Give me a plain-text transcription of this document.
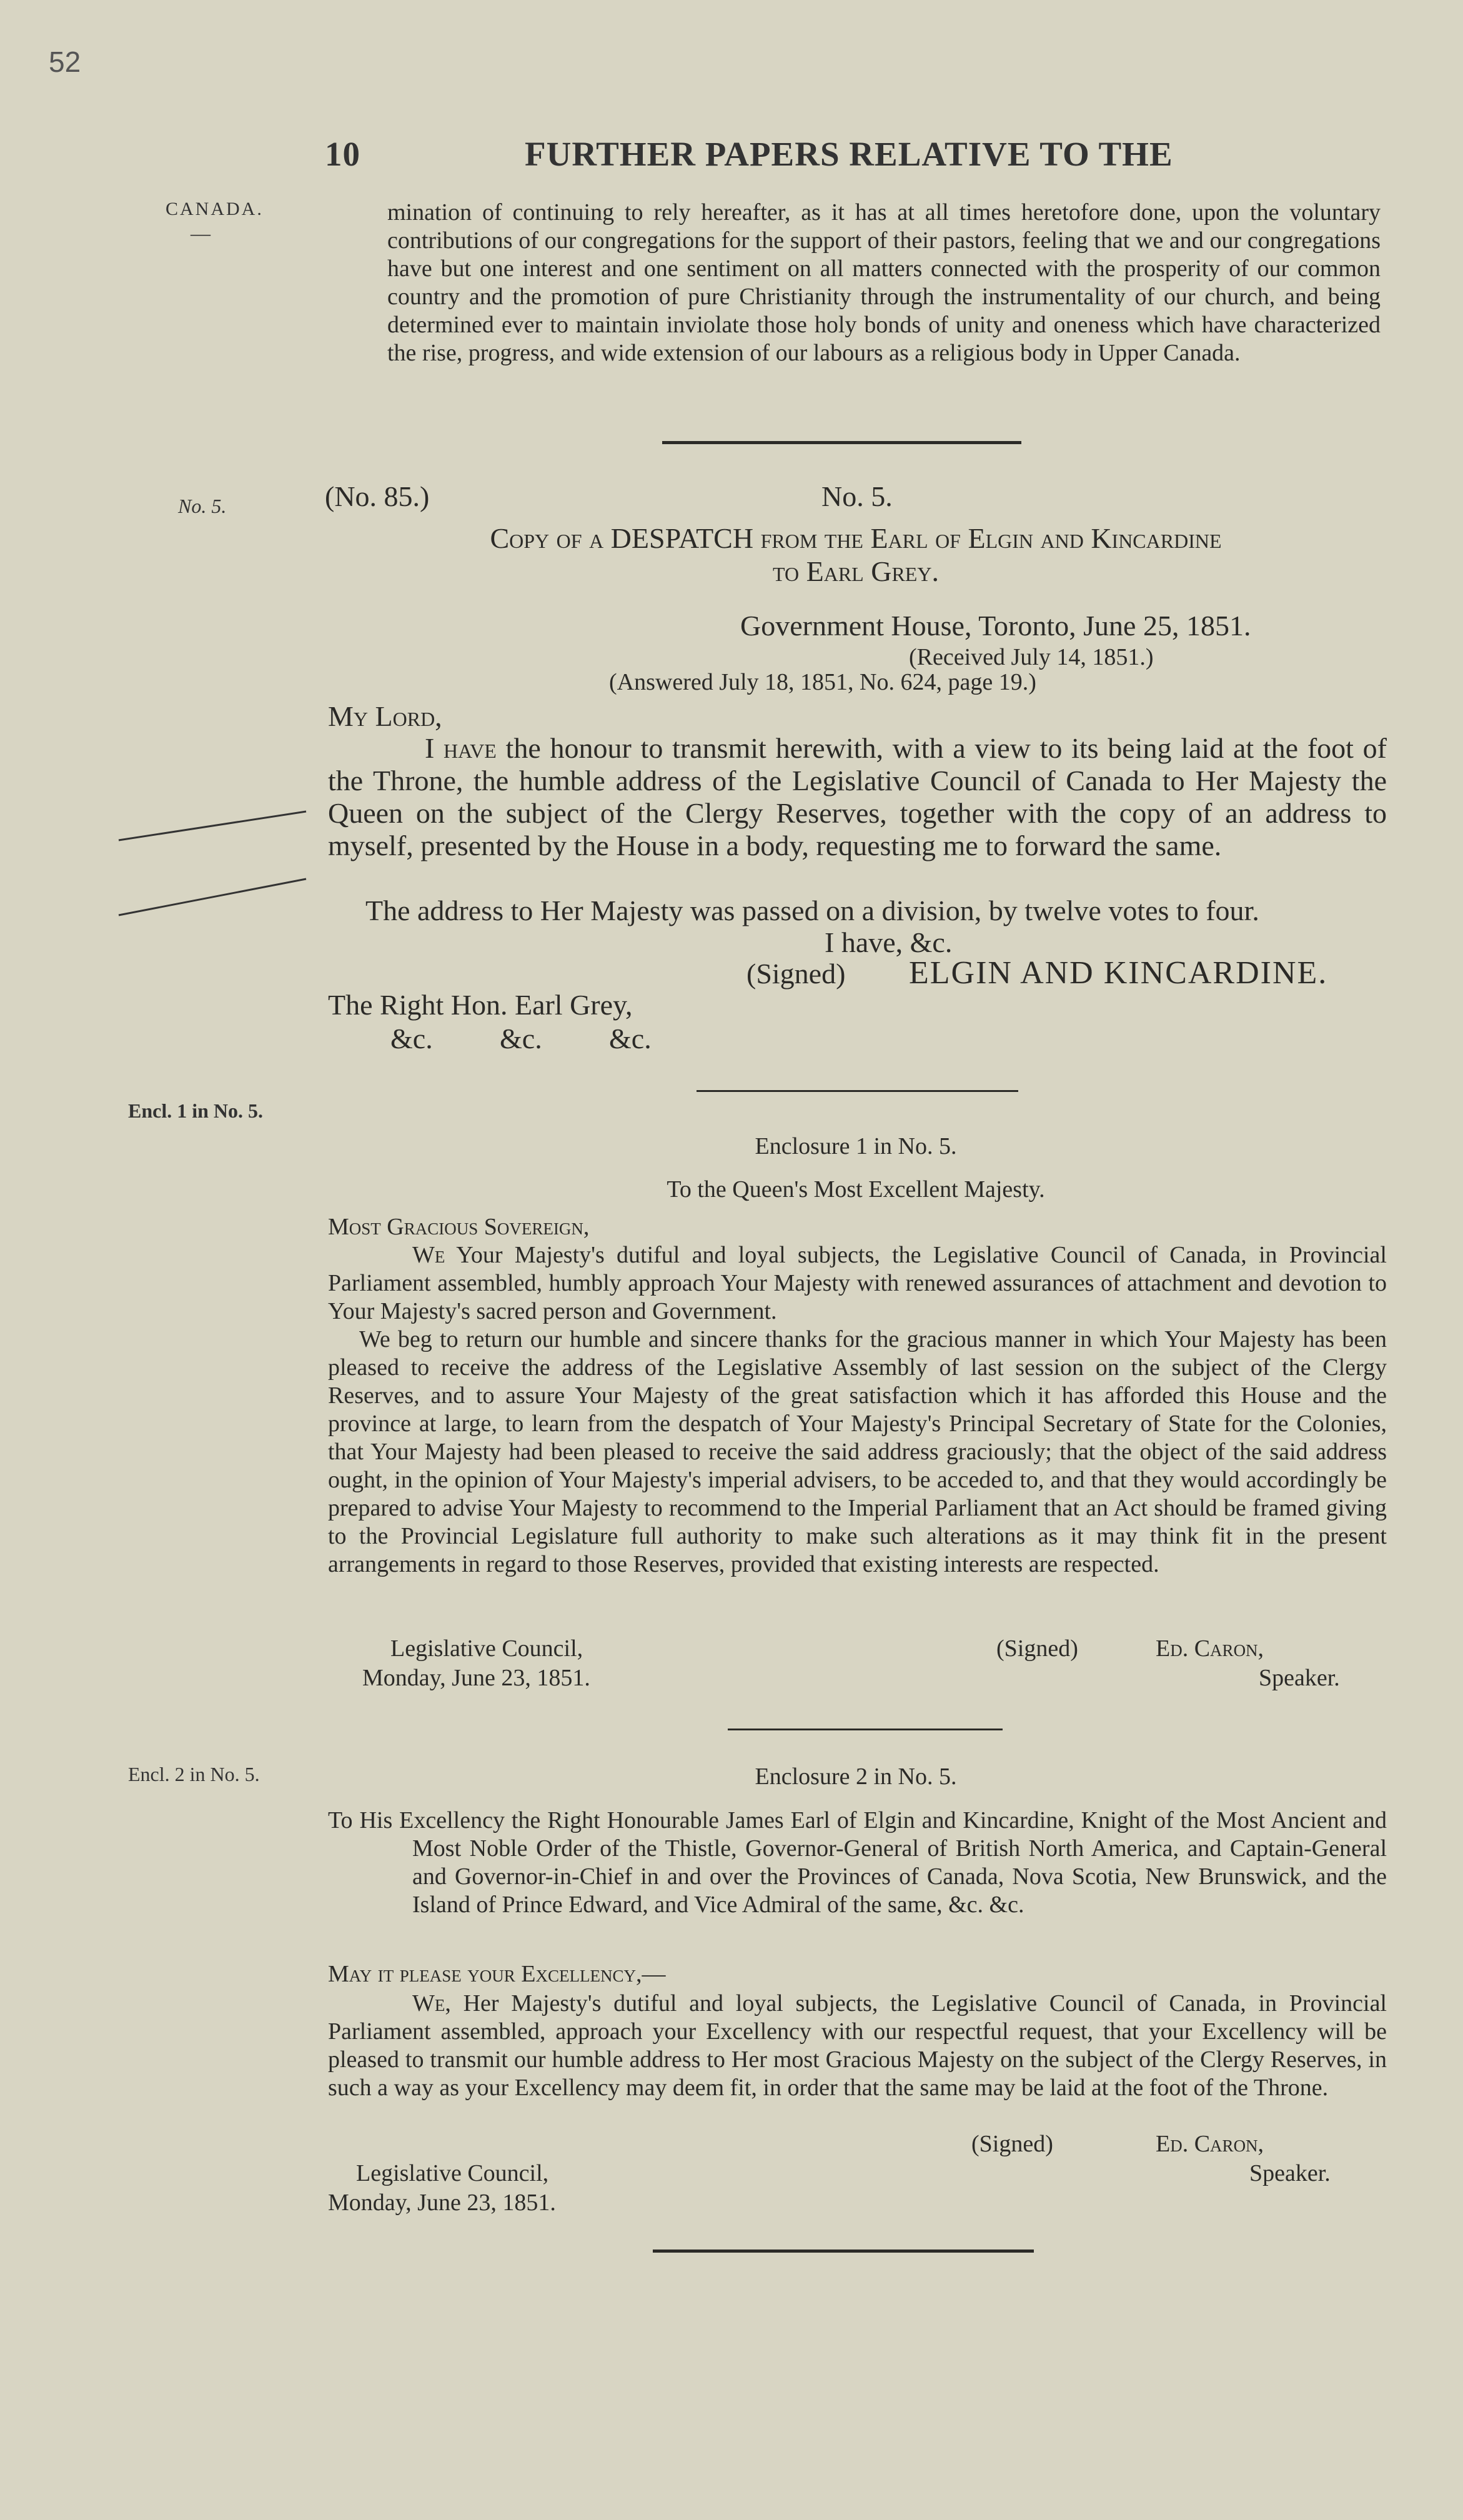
52
10	FURTHER PAPERS RELATIVE TO THE
CANADA.
—
No. 5.
Encl. 1 in No. 5.
Encl. 2 in No. 5.
mination of continuing to rely hereafter, as it has at all times heretofore done, upon the voluntary contributions of our congregations for the support of their pastors, feeling that we and our congregations have but one interest and one sentiment on all matters connected with the prosperity of our common country and the promotion of pure Christianity through the instrumentality of our church, and being determined ever to maintain inviolate those holy bonds of unity and oneness which have characterized the rise, progress, and wide extension of our labours as a religious body in Upper Canada.
(No. 85.)	No. 5.
Copy of a DESPATCH from the Earl of Elgin and Kincardine
to Earl Grey.
Government House, Toronto, June 25, 1851.
(Received July 14, 1851.)
(Answered July 18, 1851, No. 624, page 19.)
My Lord,
I have the honour to transmit herewith, with a view to its being laid at the foot of the Throne, the humble address of the Legislative Council of Canada to Her Majesty the Queen on the subject of the Clergy Reserves, together with the copy of an address to myself, presented by the House in a body, requesting me to forward the same.
The address to Her Majesty was passed on a division, by twelve votes to four.
I have, &c.
(Signed) ELGIN AND KINCARDINE.
The Right Hon. Earl Grey,
&c. &c. &c.
Enclosure 1 in No. 5.
To the Queen's Most Excellent Majesty.
Most Gracious Sovereign,
We Your Majesty's dutiful and loyal subjects, the Legislative Council of Canada, in Provincial Parliament assembled, humbly approach Your Majesty with renewed assurances of attachment and devotion to Your Majesty's sacred person and Government.
We beg to return our humble and sincere thanks for the gracious manner in which Your Majesty has been pleased to receive the address of the Legislative Assembly of last session on the subject of the Clergy Reserves, and to assure Your Majesty of the great satisfaction which it has afforded this House and the province at large, to learn from the despatch of Your Majesty's Principal Secretary of State for the Colonies, that Your Majesty had been pleased to receive the said address graciously; that the object of the said address ought, in the opinion of Your Majesty's imperial advisers, to be acceded to, and that they would accordingly be prepared to advise Your Majesty to recommend to the Imperial Parliament that an Act should be framed giving to the Provincial Legislature full authority to make such alterations as it may think fit in the present arrangements in regard to those Reserves, provided that existing interests are respected.
Legislative Council,
Monday, June 23, 1851.
(Signed)	Ed. Caron,
Speaker.
Enclosure 2 in No. 5.
To His Excellency the Right Honourable James Earl of Elgin and Kincardine, Knight of the Most Ancient and Most Noble Order of the Thistle, Governor-General of British North America, and Captain-General and Governor-in-Chief in and over the Provinces of Canada, Nova Scotia, New Brunswick, and the Island of Prince Edward, and Vice Admiral of the same, &c. &c.
May it please your Excellency,—
We, Her Majesty's dutiful and loyal subjects, the Legislative Council of Canada, in Provincial Parliament assembled, approach your Excellency with our respectful request, that your Excellency will be pleased to transmit our humble address to Her most Gracious Majesty on the subject of the Clergy Reserves, in such a way as your Excellency may deem fit, in order that the same may be laid at the foot of the Throne.
(Signed)	Ed. Caron,
Speaker.
Legislative Council,
Monday, June 23, 1851.
